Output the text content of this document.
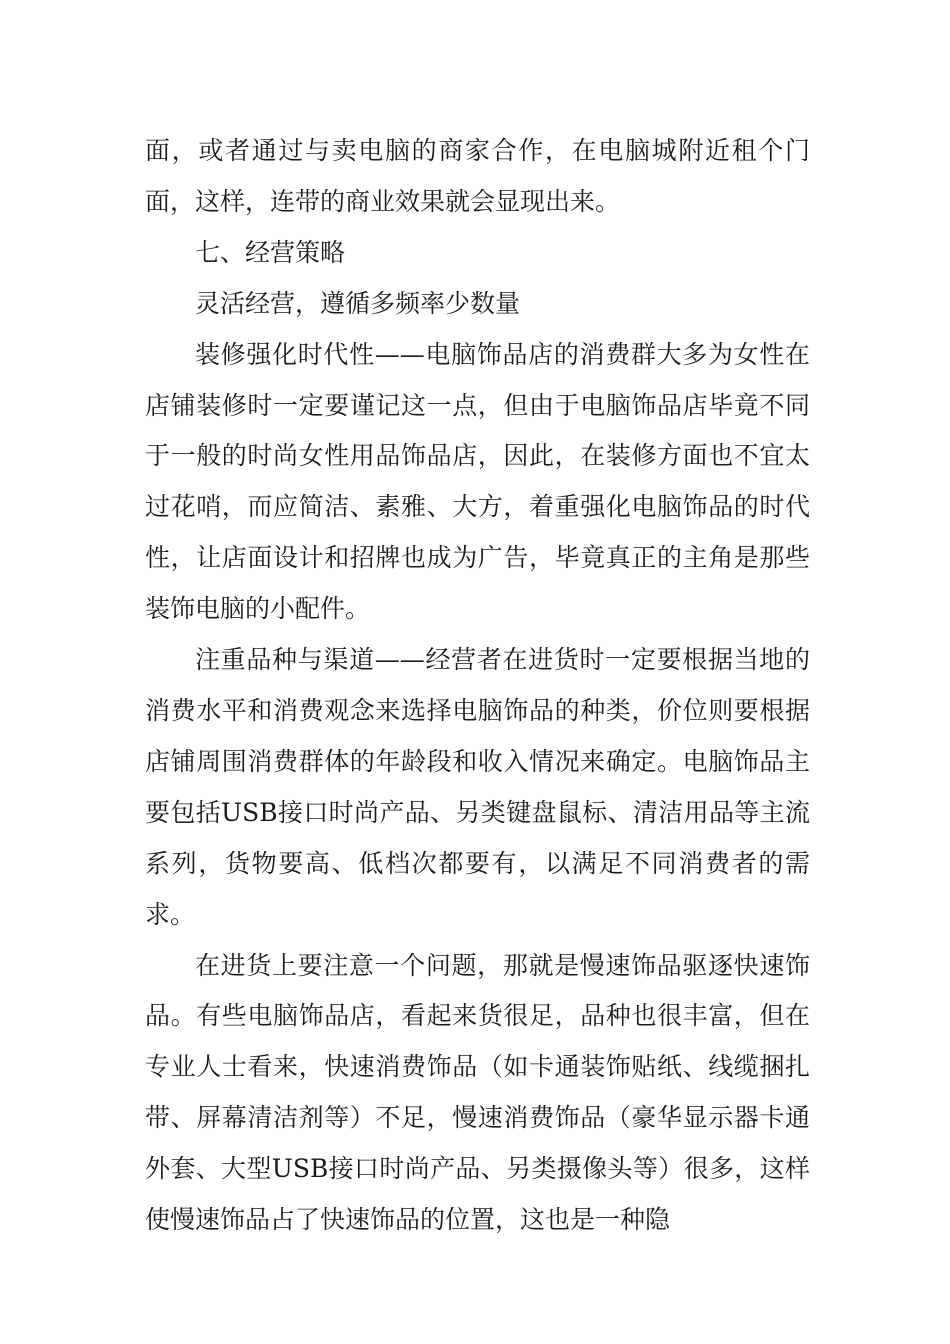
面，或者通过与卖电脑的商家合作，在电脑城附近租个门面，这样，连带的商业效果就会显现出来。

七、经营策略

灵活经营，遵循多频率少数量

装修强化时代性——电脑饰品店的消费群大多为女性在店铺装修时一定要谨记这一点，但由于电脑饰品店毕竟不同于一般的时尚女性用品饰品店，因此，在装修方面也不宜太过花哨，而应简洁、素雅、大方，着重强化电脑饰品的时代性，让店面设计和招牌也成为广告，毕竟真正的主角是那些装饰电脑的小配件。

注重品种与渠道——经营者在进货时一定要根据当地的消费水平和消费观念来选择电脑饰品的种类，价位则要根据店铺周围消费群体的年龄段和收入情况来确定。电脑饰品主要包括USB接口时尚产品、另类键盘鼠标、清洁用品等主流系列，货物要高、低档次都要有，以满足不同消费者的需求。

在进货上要注意一个问题，那就是慢速饰品驱逐快速饰品。有些电脑饰品店，看起来货很足，品种也很丰富，但在专业人士看来，快速消费饰品（如卡通装饰贴纸、线缆捆扎带、屏幕清洁剂等）不足，慢速消费饰品（豪华显示器卡通外套、大型USB接口时尚产品、另类摄像头等）很多，这样使慢速饰品占了快速饰品的位置，这也是一种隐
